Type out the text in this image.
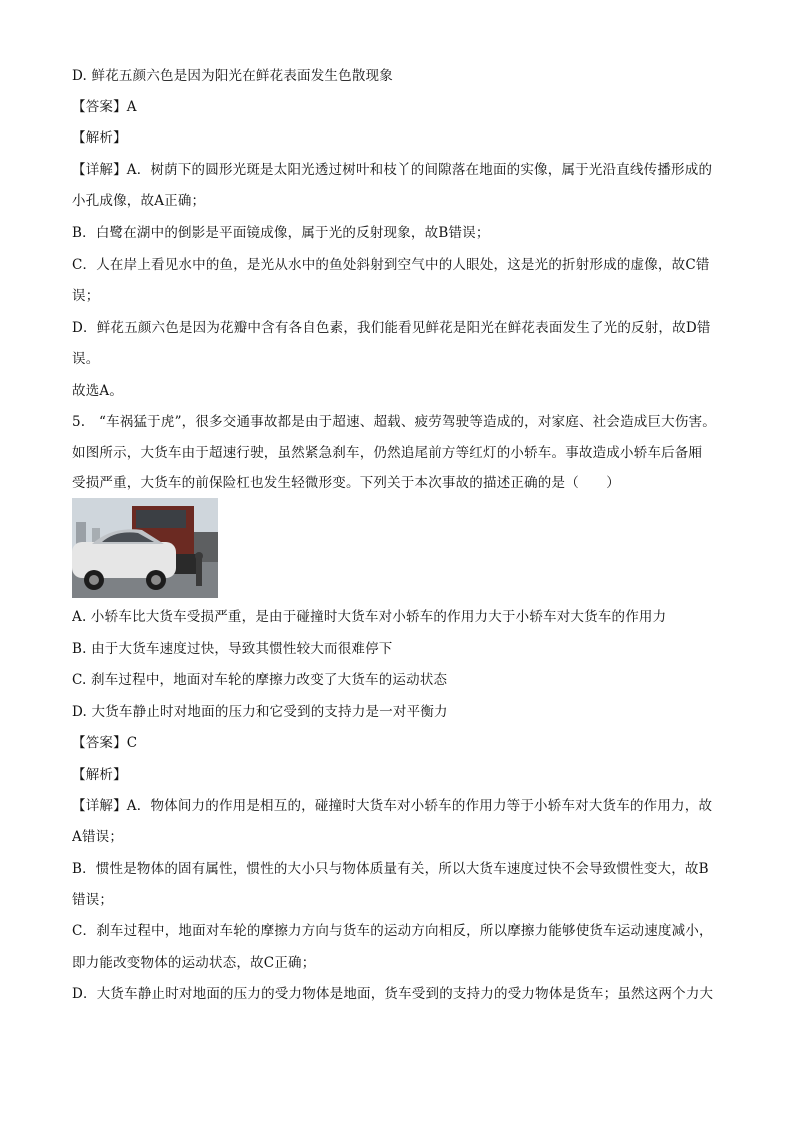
D. 鲜花五颜六色是因为阳光在鲜花表面发生色散现象
【答案】A
【解析】
【详解】A．树荫下的圆形光斑是太阳光透过树叶和枝丫的间隙落在地面的实像，属于光沿直线传播形成的
小孔成像，故A正确；
B．白鹭在湖中的倒影是平面镜成像，属于光的反射现象，故B错误；
C．人在岸上看见水中的鱼，是光从水中的鱼处斜射到空气中的人眼处，这是光的折射形成的虚像，故C错
误；
D．鲜花五颜六色是因为花瓣中含有各自色素，我们能看见鲜花是阳光在鲜花表面发生了光的反射，故D错
误。
故选A。
5.　“车祸猛于虎”，很多交通事故都是由于超速、超载、疲劳驾驶等造成的，对家庭、社会造成巨大伤害。
如图所示，大货车由于超速行驶，虽然紧急刹车，仍然追尾前方等红灯的小轿车。事故造成小轿车后备厢
受损严重，大货车的前保险杠也发生轻微形变。下列关于本次事故的描述正确的是（　　）
A. 小轿车比大货车受损严重，是由于碰撞时大货车对小轿车的作用力大于小轿车对大货车的作用力
B. 由于大货车速度过快，导致其惯性较大而很难停下
C. 刹车过程中，地面对车轮的摩擦力改变了大货车的运动状态
D. 大货车静止时对地面的压力和它受到的支持力是一对平衡力
【答案】C
【解析】
【详解】A．物体间力的作用是相互的，碰撞时大货车对小轿车的作用力等于小轿车对大货车的作用力，故
A错误；
B．惯性是物体的固有属性，惯性的大小只与物体质量有关，所以大货车速度过快不会导致惯性变大，故B
错误；
C．刹车过程中，地面对车轮的摩擦力方向与货车的运动方向相反，所以摩擦力能够使货车运动速度减小，
即力能改变物体的运动状态，故C正确；
D．大货车静止时对地面的压力的受力物体是地面，货车受到的支持力的受力物体是货车；虽然这两个力大
